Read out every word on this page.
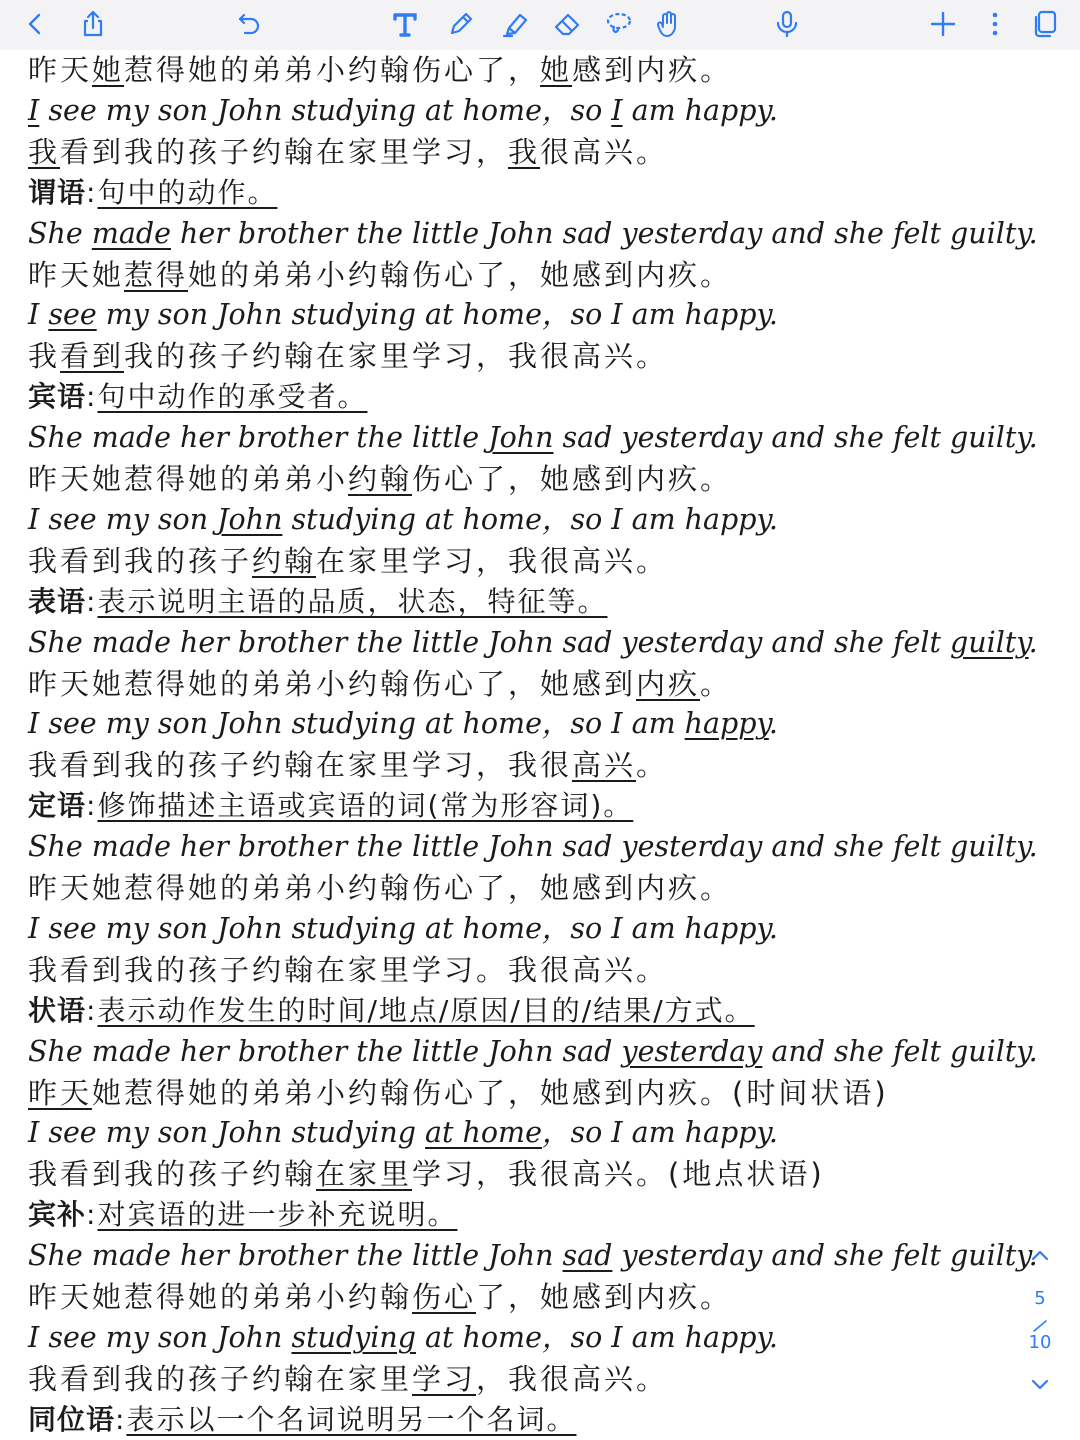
昨天她惹得她的弟弟小约翰伤心了，她感到内疚。
I see my son John studying at home，so I am happy.
我看到我的孩子约翰在家里学习，我很高兴。
谓语:句中的动作。
She made her brother the little John sad yesterday and she felt guilty.
昨天她惹得她的弟弟小约翰伤心了，她感到内疚。
I see my son John studying at home，so I am happy.
我看到我的孩子约翰在家里学习，我很高兴。
宾语:句中动作的承受者。
She made her brother the little John sad yesterday and she felt guilty.
昨天她惹得她的弟弟小约翰伤心了，她感到内疚。
I see my son John studying at home，so I am happy.
我看到我的孩子约翰在家里学习，我很高兴。
表语:表示说明主语的品质，状态，特征等。
She made her brother the little John sad yesterday and she felt guilty.
昨天她惹得她的弟弟小约翰伤心了，她感到内疚。
I see my son John studying at home，so I am happy.
我看到我的孩子约翰在家里学习，我很高兴。
定语:修饰描述主语或宾语的词(常为形容词)。
She made her brother the little John sad yesterday and she felt guilty.
昨天她惹得她的弟弟小约翰伤心了，她感到内疚。
I see my son John studying at home，so I am happy.
我看到我的孩子约翰在家里学习。我很高兴。
状语:表示动作发生的时间/地点/原因/目的/结果/方式。
She made her brother the little John sad yesterday and she felt guilty.
昨天她惹得她的弟弟小约翰伤心了，她感到内疚。(时间状语)
I see my son John studying at home，so I am happy.
我看到我的孩子约翰在家里学习，我很高兴。(地点状语)
宾补:对宾语的进一步补充说明。
She made her brother the little John sad yesterday and she felt guilty.
昨天她惹得她的弟弟小约翰伤心了，她感到内疚。
I see my son John studying at home，so I am happy.
我看到我的孩子约翰在家里学习，我很高兴。
同位语:表示以一个名词说明另一个名词。
5
10
